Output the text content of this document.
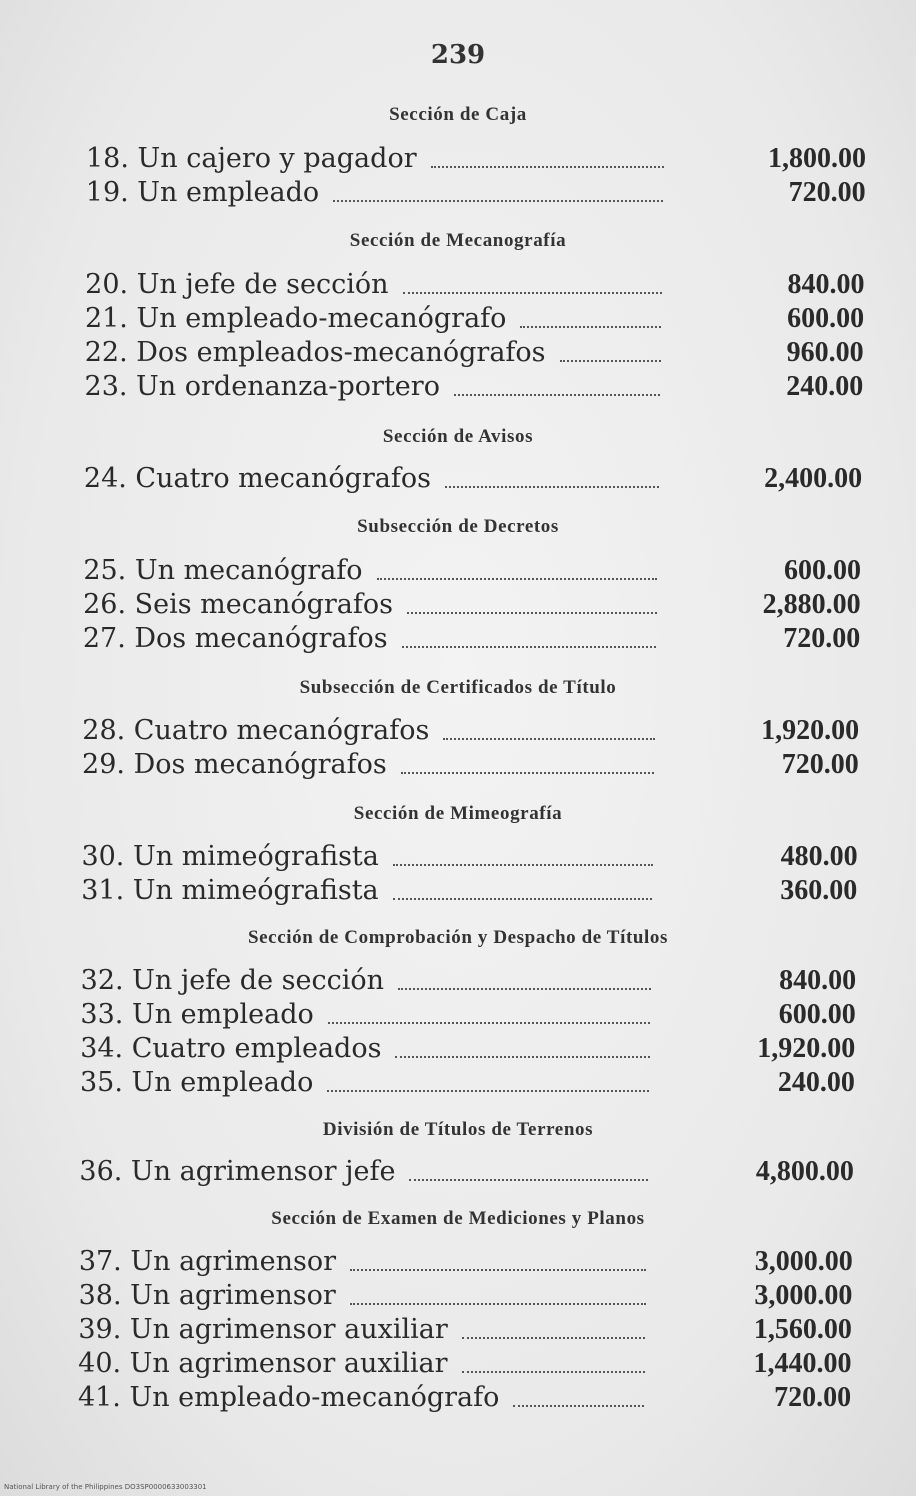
239
Sección de Caja
18. Un cajero y pagador	1,800.00
19. Un empleado	720.00
Sección de Mecanografía
20. Un jefe de sección	840.00
21. Un empleado-mecanógrafo	600.00
22. Dos empleados-mecanógrafos	960.00
23. Un ordenanza-portero	240.00
Sección de Avisos
24. Cuatro mecanógrafos	2,400.00
Subsección de Decretos
25. Un mecanógrafo	600.00
26. Seis mecanógrafos	2,880.00
27. Dos mecanógrafos	720.00
Subsección de Certificados de Título
28. Cuatro mecanógrafos	1,920.00
29. Dos mecanógrafos	720.00
Sección de Mimeografía
30. Un mimeógrafista	480.00
31. Un mimeógrafista	360.00
Sección de Comprobación y Despacho de Títulos
32. Un jefe de sección	840.00
33. Un empleado	600.00
34. Cuatro empleados	1,920.00
35. Un empleado	240.00
División de Títulos de Terrenos
36. Un agrimensor jefe	4,800.00
Sección de Examen de Mediciones y Planos
37. Un agrimensor	3,000.00
38. Un agrimensor	3,000.00
39. Un agrimensor auxiliar	1,560.00
40. Un agrimensor auxiliar	1,440.00
41. Un empleado-mecanógrafo	720.00
National Library of the Philippines DO3SP0000633003301
